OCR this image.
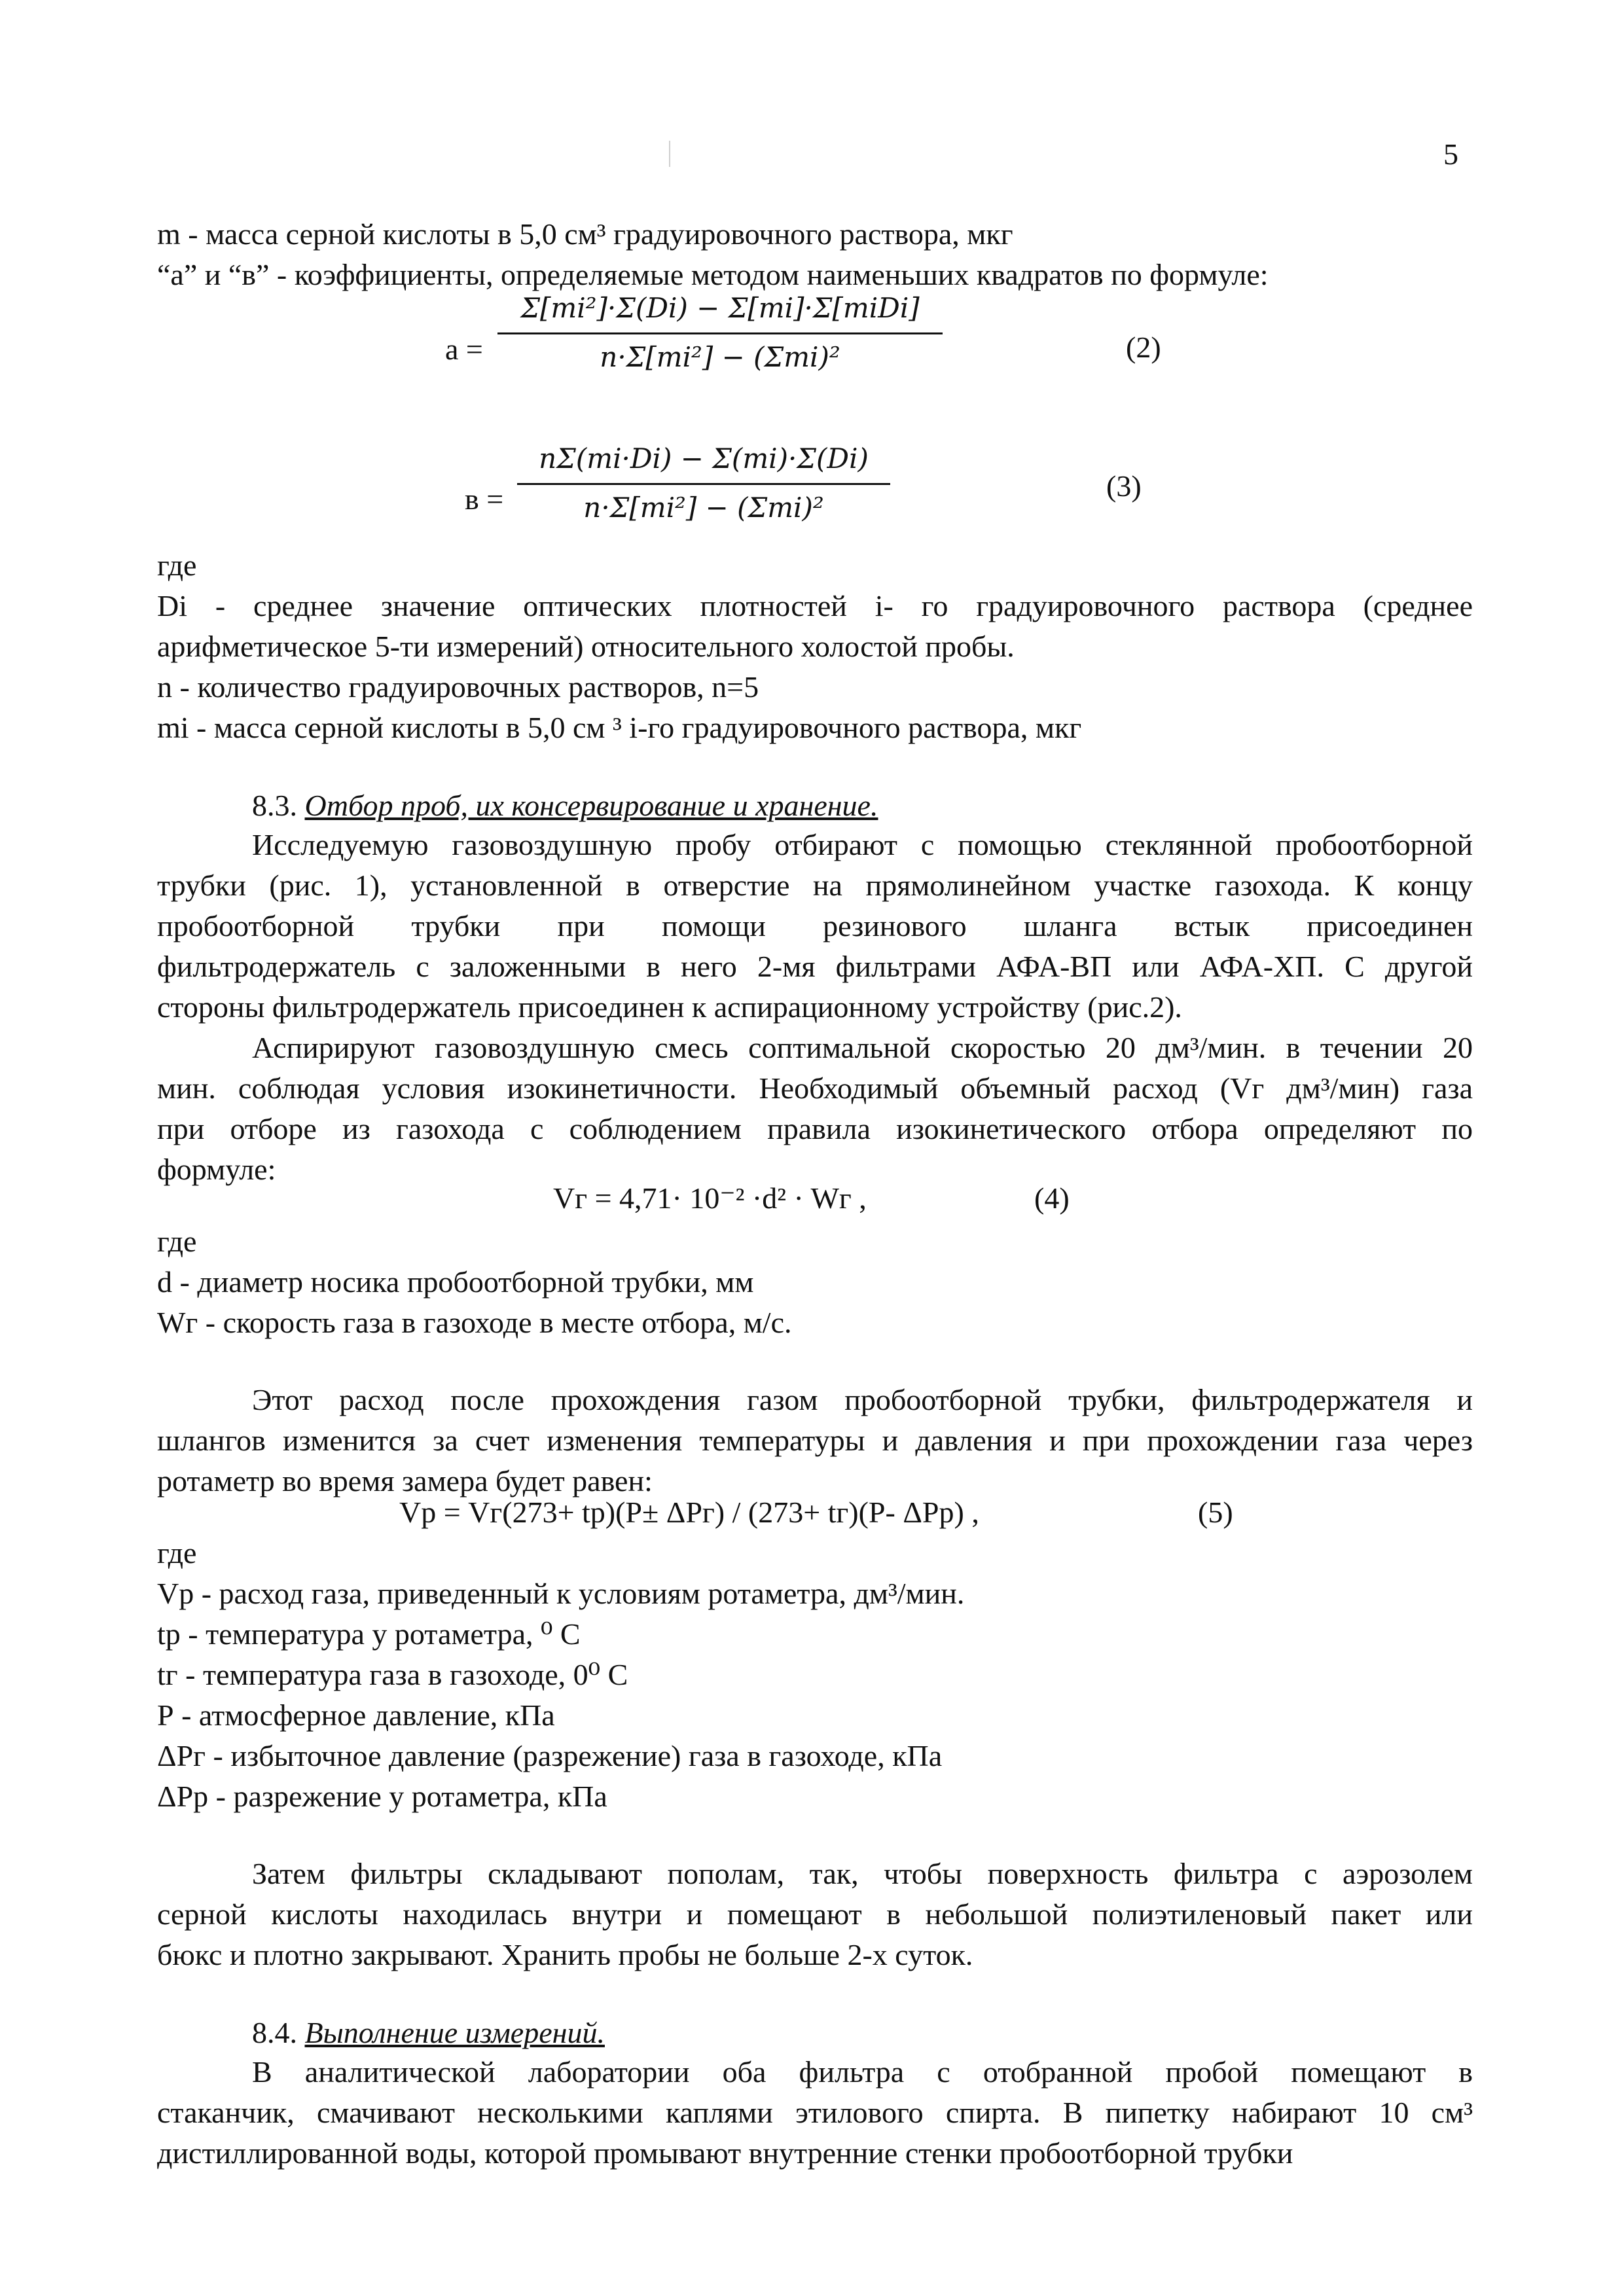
5
m - масса серной кислоты в 5,0 см³ градуировочного раствора, мкг
“а” и “в” - коэффициенты, определяемые методом наименьших квадратов по формуле:
a =
Σ[mi²]·Σ(Di) − Σ[mi]·Σ[miDi]
n·Σ[mi²] − (Σmi)²	(2)
в =
nΣ(mi·Di) − Σ(mi)·Σ(Di)
n·Σ[mi²] − (Σmi)²
(3)
где
Di - среднее значение оптических плотностей i- го градуировочного раствора (среднее
арифметическое 5-ти измерений) относительного холостой пробы.
n - количество градуировочных растворов, n=5
mi - масса серной кислоты в 5,0 см ³ i-го градуировочного раствора, мкг
8.3. Отбор проб, их консервирование и хранение.
Исследуемую газовоздушную пробу отбирают с помощью стеклянной пробоотборной
трубки (рис. 1), установленной в отверстие на прямолинейном участке газохода. К концу
пробоотборной трубки при помощи резинового шланга встык присоединен
фильтродержатель с заложенными в него 2-мя фильтрами АФА-ВП или АФА-ХП. С другой
стороны фильтродержатель присоединен к аспирационному устройству (рис.2).
Аспирируют газовоздушную смесь соптимальной скоростью 20 дм³/мин. в течении 20
мин. соблюдая условия изокинетичности. Необходимый объемный расход (Vг дм³/мин) газа
при отборе из газохода с соблюдением правила изокинетического отбора определяют по
формуле:
Vг = 4,71· 10⁻² ·d² · Wг ,	(4)
где
d - диаметр носика пробоотборной трубки, мм
Wг - скорость газа в газоходе в месте отбора, м/с.
Этот расход после прохождения газом пробоотборной трубки, фильтродержателя и
шлангов изменится за счет изменения температуры и давления и при прохождении газа через
ротаметр во время замера будет равен:
Vр = Vг(273+ tр)(Р± ΔРг) / (273+ tг)(Р- ΔРр) ,	(5)
где
Vр - расход газа, приведенный к условиям ротаметра, дм³/мин.
tр - температура у ротаметра, ⁰ С
tг - температура газа в газоходе, 0⁰ С
Р - атмосферное давление, кПа
ΔРг - избыточное давление (разрежение) газа в газоходе, кПа
ΔРр - разрежение у ротаметра, кПа
Затем фильтры складывают пополам, так, чтобы поверхность фильтра с аэрозолем
серной кислоты находилась внутри и помещают в небольшой полиэтиленовый пакет или
бюкс и плотно закрывают. Хранить пробы не больше 2-х суток.
8.4. Выполнение измерений.
В аналитической лаборатории оба фильтра с отобранной пробой помещают в
стаканчик, смачивают несколькими каплями этилового спирта. В пипетку набирают 10 см³
дистиллированной воды, которой промывают внутренние стенки пробоотборной трубки
